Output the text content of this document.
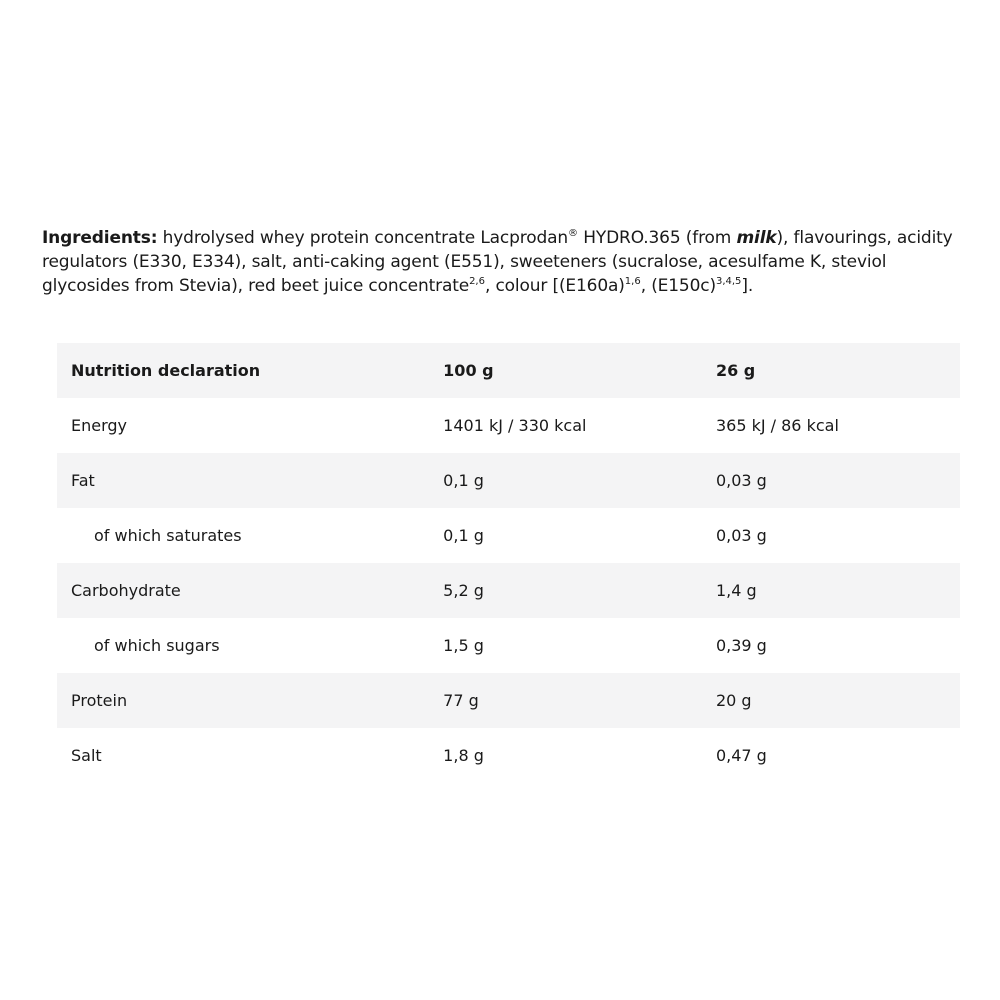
Ingredients: hydrolysed whey protein concentrate Lacprodan® HYDRO.365 (from milk), flavourings, acidity regulators (E330, E334), salt, anti-caking agent (E551), sweeteners (sucralose, acesulfame K, steviol glycosides from Stevia), red beet juice concentrate$^{2,6}$, colour [$(E160a)^{1,6}$, $(E150c)^{3,4,5}$].
Nutrition declaration	100 g	26 g
Energy	1401 kJ / 330 kcal	365 kJ / 86 kcal
Fat	0,1 g	0,03 g
of which saturates	0,1 g	0,03 g
Carbohydrate	5,2 g	1,4 g
of which sugars	1,5 g	0,39 g
Protein	77 g	20 g
Salt	1,8 g	0,47 g
